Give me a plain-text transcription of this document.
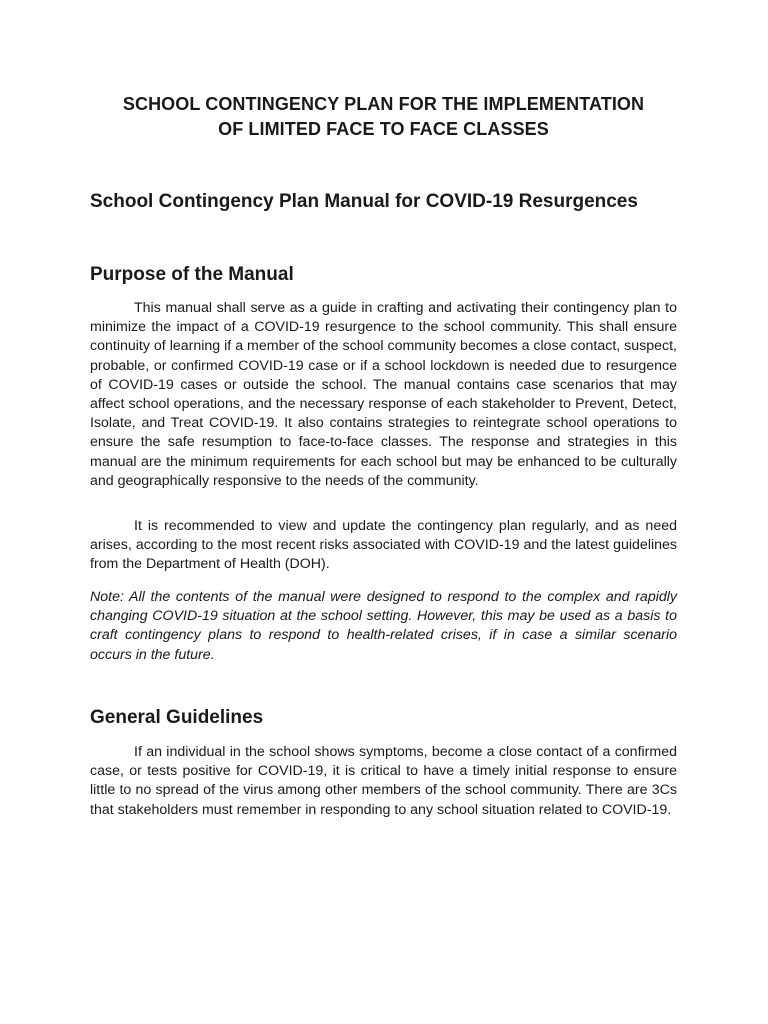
SCHOOL CONTINGENCY PLAN FOR THE IMPLEMENTATION
OF LIMITED FACE TO FACE CLASSES
School Contingency Plan Manual for COVID-19 Resurgences
Purpose of the Manual

This manual shall serve as a guide in crafting and activating their contingency plan to minimize the impact of a COVID-19 resurgence to the school community. This shall ensure continuity of learning if a member of the school community becomes a close contact, suspect, probable, or confirmed COVID-19 case or if a school lockdown is needed due to resurgence of COVID-19 cases or outside the school. The manual contains case scenarios that may affect school operations, and the necessary response of each stakeholder to Prevent, Detect, Isolate, and Treat COVID-19. It also contains strategies to reintegrate school operations to ensure the safe resumption to face-to-face classes. The response and strategies in this manual are the minimum requirements for each school but may be enhanced to be culturally and geographically responsive to the needs of the community.

It is recommended to view and update the contingency plan regularly, and as need arises, according to the most recent risks associated with COVID-19 and the latest guidelines from the Department of Health (DOH).

Note: All the contents of the manual were designed to respond to the complex and rapidly changing COVID-19 situation at the school setting. However, this may be used as a basis to craft contingency plans to respond to health-related crises, if in case a similar scenario occurs in the future.

General Guidelines

If an individual in the school shows symptoms, become a close contact of a confirmed case, or tests positive for COVID-19, it is critical to have a timely initial response to ensure little to no spread of the virus among other members of the school community. There are 3Cs that stakeholders must remember in responding to any school situation related to COVID-19.
